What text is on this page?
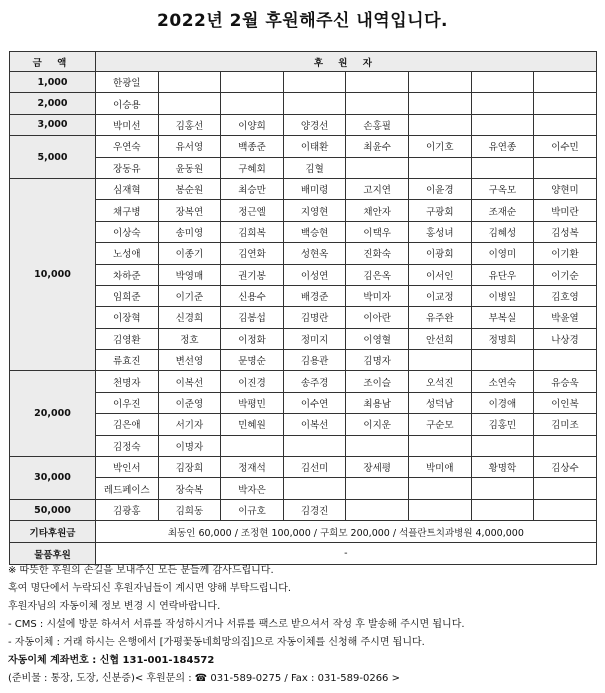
2022년 2월 후원해주신 내역입니다.
금 액	후 원 자							
1,000	한광일							
2,000	이승용							
3,000	박미선	김홍선	이양희	양경선	손홍필			
5,000	우연숙	유서영	백종준	이태환	최윤수	이기호	유연종	이수민
	장동유	윤동원	구혜회	김혈				
10,000	심재혁	봉순원	최승만	배미령	고지연	이윤경	구옥모	양현미
	채구병	장복연	정근엘	지영현	채안자	구광회	조재순	박미란
	이상숙	송미영	김희복	백승현	이택우	홍성녀	김혜성	김성복
	노성애	이종기	김연화	성현옥	진화숙	이광회	이영미	이기환
	차하준	박영매	권기봉	이성연	김은옥	이서인	유단우	이기순
	임희준	이기준	신용수	배경준	박미자	이교정	이병일	김호영
	이장혁	신경희	김봉섭	김명란	이아란	유주완	부복실	박윤열
	김영환	정호	이정화	정미지	이영혈	안선희	정명희	나상경
	류효진	변선영	문명순	김용관	김명자			
20,000	천명자	이복선	이진경	송주경	조이슬	오석진	소연숙	유승욱
	이우진	이준영	박평민	이수연	최용남	성덕남	이경애	이인복
	김은애	서기자	민혜원	이복선	이지운	구순모	김홍민	김미조
	김정숙	이명자						
30,000	박인서	김장희	정재석	김선미	장세평	박미애	황명학	김상수
	레드페이스	장숙복	박자은					
50,000	김광홍	김희동	이규호	김경진				
기타후원금	최동인 60,000 / 조정현 100,000 / 구희모 200,000 / 석플란트치과병원 4,000,000							
물품후원	-							
※ 따뜻한 후원의 손길을 보내주신 모든 분들께 감사드립니다.
혹여 명단에서 누락되신 후원자님들이 계시면 양해 부탁드립니다.
후원자님의 자동이체 정보 변경 시 연락바랍니다.
- CMS : 시설에 방문 하셔서 서류를 작성하시거나 서류를 팩스로 받으셔서 작성 후 발송해 주시면 됩니다.
- 자동이체 : 거래 하시는 은행에서 [가평꽃동네희망의집]으로 자동이체를 신청해 주시면 됩니다.
자동이체 계좌번호 : 신협 131-001-184572
(준비물 : 통장, 도장, 신분증)< 후원문의 : ☎ 031-589-0275 / Fax : 031-589-0266 >
